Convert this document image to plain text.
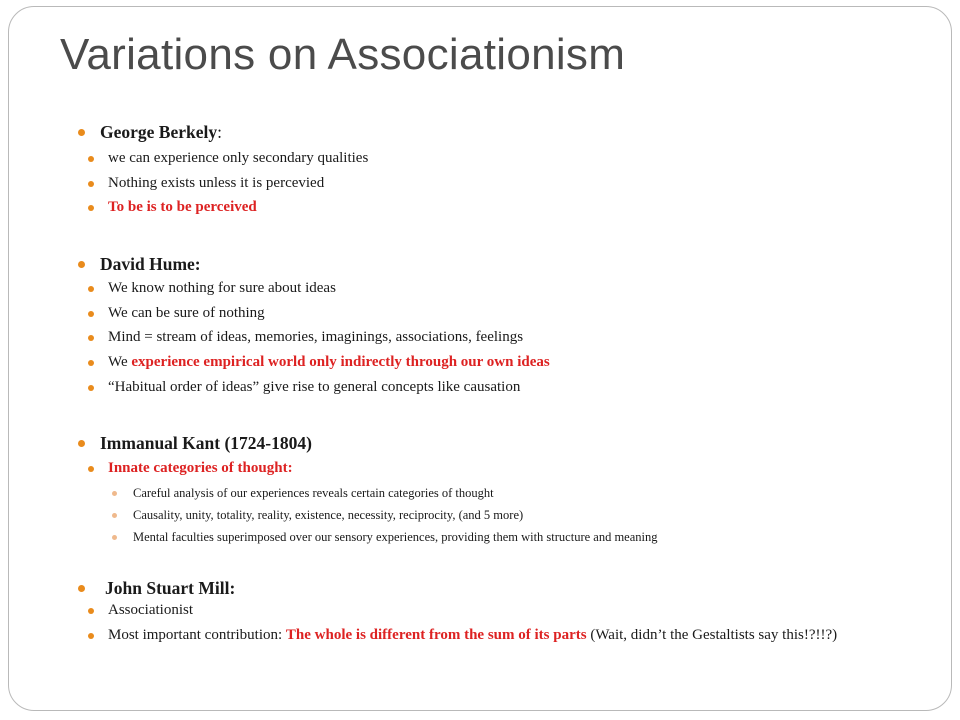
Variations on Associationism
George Berkely:
we can experience only secondary qualities
Nothing exists unless it is percevied
To be is to be perceived
David Hume:
We know nothing for sure about ideas
We can be sure of nothing
Mind = stream of ideas, memories, imaginings, associations, feelings
We experience empirical world only indirectly through our own ideas
“Habitual order of ideas” give rise to general concepts like causation
Immanual Kant (1724-1804)
Innate categories of thought:
Careful analysis of our experiences reveals certain categories of thought
Causality, unity, totality, reality, existence, necessity, reciprocity, (and 5 more)
Mental faculties superimposed over our sensory experiences, providing them with structure and meaning
John Stuart Mill:
Associationist
Most important contribution: The whole is different from the sum of its parts (Wait, didn’t the Gestaltists say this!?!!?)
